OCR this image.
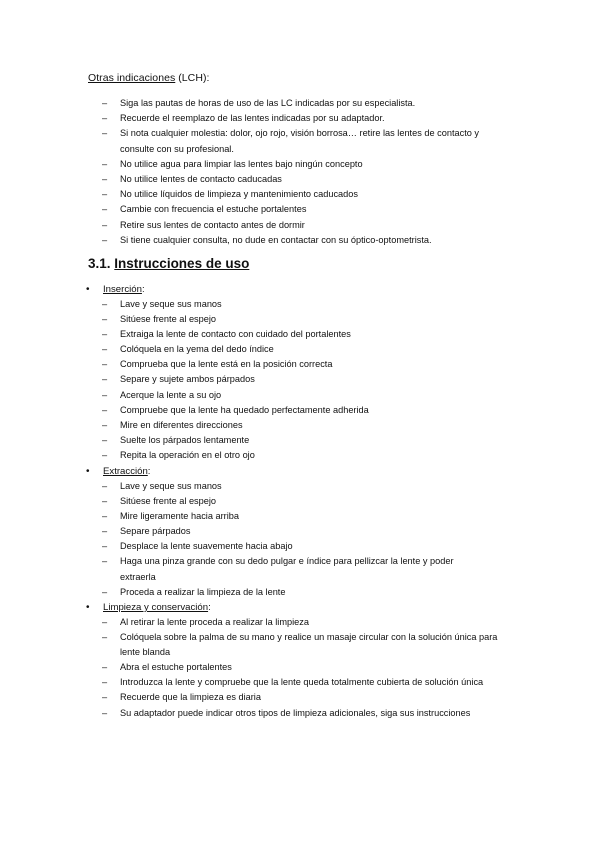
Otras indicaciones (LCH):
– Siga las pautas de horas de uso de las LC indicadas por su especialista.
– Recuerde el reemplazo de las lentes indicadas por su adaptador.
– Si nota cualquier molestia: dolor, ojo rojo, visión borrosa… retire las lentes de contacto y consulte con su profesional.
– No utilice agua para limpiar las lentes bajo ningún concepto
– No utilice lentes de contacto caducadas
– No utilice líquidos de limpieza y mantenimiento caducados
– Cambie con frecuencia el estuche portalentes
– Retire sus lentes de contacto antes de dormir
– Si tiene cualquier consulta, no dude en contactar con su óptico-optometrista.
3.1. Instrucciones de uso
• Inserción:
– Lave y seque sus manos
– Sitúese frente al espejo
– Extraiga la lente de contacto con cuidado del portalentes
– Colóquela en la yema del dedo índice
– Comprueba que la lente está en la posición correcta
– Separe y sujete ambos párpados
– Acerque la lente a su ojo
– Compruebe que la lente ha quedado perfectamente adherida
– Mire en diferentes direcciones
– Suelte los párpados lentamente
– Repita la operación en el otro ojo
• Extracción:
– Lave y seque sus manos
– Sitúese frente al espejo
– Mire ligeramente hacia arriba
– Separe párpados
– Desplace la lente suavemente hacia abajo
– Haga una pinza grande con su dedo pulgar e índice para pellizcar la lente y poder extraerla
– Proceda a realizar la limpieza de la lente
• Limpieza y conservación:
– Al retirar la lente proceda a realizar la limpieza
– Colóquela sobre la palma de su mano y realice un masaje circular con la solución única para lente blanda
– Abra el estuche portalentes
– Introduzca la lente y compruebe que la lente queda totalmente cubierta de solución única
– Recuerde que la limpieza es diaria
– Su adaptador puede indicar otros tipos de limpieza adicionales, siga sus instrucciones
